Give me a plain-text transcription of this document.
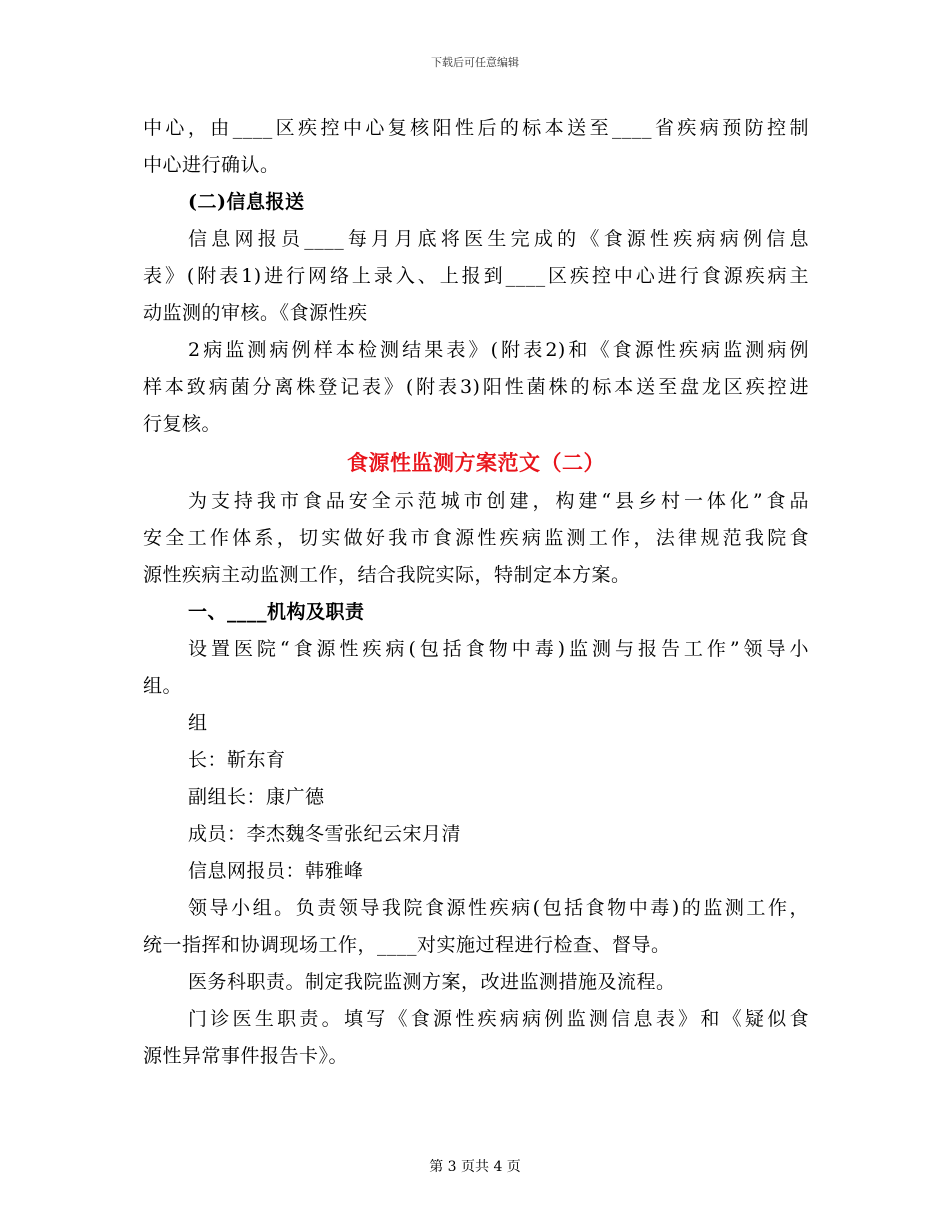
下载后可任意编辑

中心，由____区疾控中心复核阳性后的标本送至____省疾病预防控制

中心进行确认。

(二)信息报送

信息网报员____每月月底将医生完成的《食源性疾病病例信息

表》(附表1)进行网络上录入、上报到____区疾控中心进行食源疾病主

动监测的审核。《食源性疾

2病监测病例样本检测结果表》(附表2)和《食源性疾病监测病例

样本致病菌分离株登记表》(附表3)阳性菌株的标本送至盘龙区疾控进

行复核。

食源性监测方案范文（二）

为支持我市食品安全示范城市创建，构建“县乡村一体化”食品

安全工作体系，切实做好我市食源性疾病监测工作，法律规范我院食

源性疾病主动监测工作，结合我院实际，特制定本方案。

一、____机构及职责

设置医院“食源性疾病(包括食物中毒)监测与报告工作”领导小

组。

组

长：靳东育

副组长：康广德

成员：李杰魏冬雪张纪云宋月清

信息网报员：韩雅峰

领导小组。负责领导我院食源性疾病(包括食物中毒)的监测工作，

统一指挥和协调现场工作，____对实施过程进行检查、督导。

医务科职责。制定我院监测方案，改进监测措施及流程。

门诊医生职责。填写《食源性疾病病例监测信息表》和《疑似食

源性异常事件报告卡》。

第 3 页共 4 页
